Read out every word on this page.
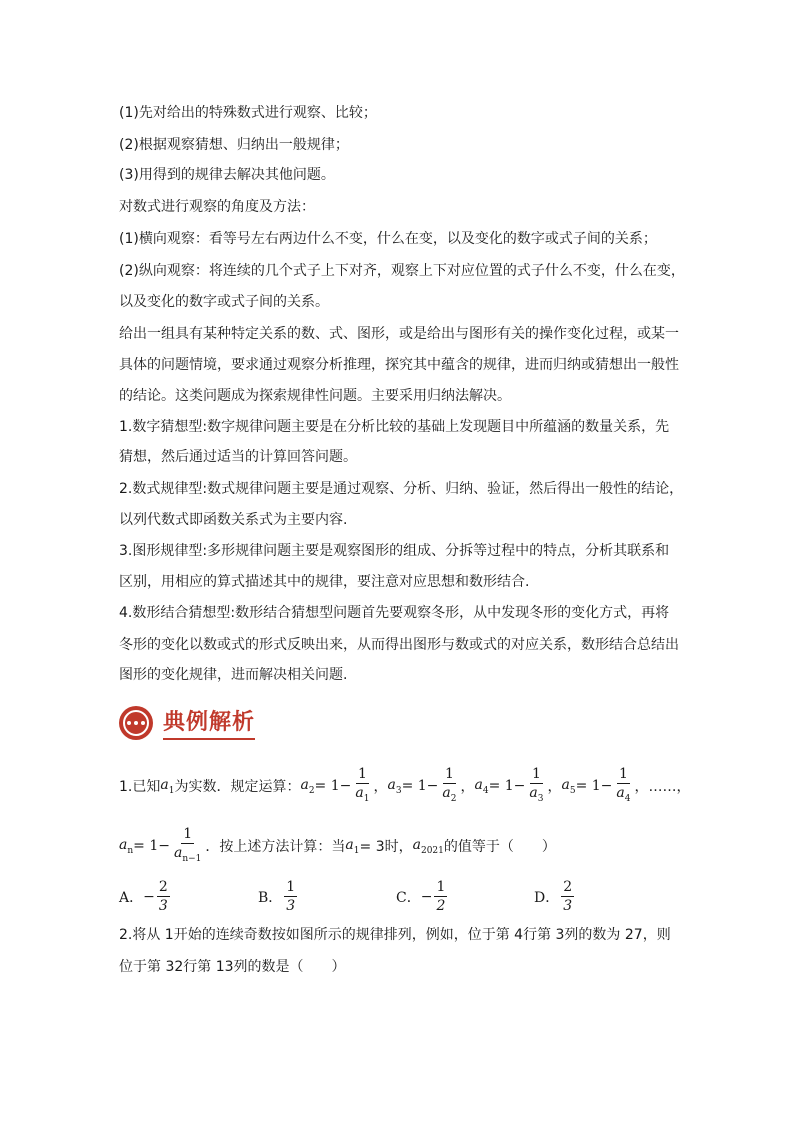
(1)先对给出的特殊数式进行观察、比较；
(2)根据观察猜想、归纳出一般规律；
(3)用得到的规律去解决其他问题。
对数式进行观察的角度及方法：
(1)横向观察：看等号左右两边什么不变，什么在变，以及变化的数字或式子间的关系；
(2)纵向观察：将连续的几个式子上下对齐，观察上下对应位置的式子什么不变，什么在变，
以及变化的数字或式子间的关系。
给出一组具有某种特定关系的数、式、图形，或是给出与图形有关的操作变化过程，或某一
具体的问题情境，要求通过观察分析推理，探究其中蕴含的规律，进而归纳或猜想出一般性
的结论。这类问题成为探索规律性问题。主要采用归纳法解决。
1.数字猜想型:数字规律问题主要是在分析比较的基础上发现题目中所蕴涵的数量关系，先
猜想，然后通过适当的计算回答问题。
2.数式规律型:数式规律问题主要是通过观察、分析、归纳、验证，然后得出一般性的结论，
以列代数式即函数关系式为主要内容.
3.图形规律型:多形规律问题主要是观察图形的组成、分拆等过程中的特点，分析其联系和
区别，用相应的算式描述其中的规律，要注意对应思想和数形结合.
4.数形结合猜想型:数形结合猜想型问题首先要观察冬形，从中发现冬形的变化方式，再将
冬形的变化以数或式的形式反映出来，从而得出图形与数或式的对应关系，数形结合总结出
图形的变化规律，进而解决相关问题.
典例解析
1.已知 $a_1$ 为实数．规定运算： $a_2 = 1- \frac{1}{a_1}$ ， $a_3 = 1- \frac{1}{a_2}$ ， $a_4 = 1- \frac{1}{a_3}$ ， $a_5 = 1- \frac{1}{a_4}$ ，……，
$a_n = 1- \frac{1}{a_{n-1}}$ ．按上述方法计算：当 $a_1 = 3$时， $a_{2021}$ 的值等于（　　）
A． − $\frac{2}{3}$	B． $\frac{1}{3}$	C． − $\frac{1}{2}$	D． $\frac{2}{3}$
2.将从 1开始的连续奇数按如图所示的规律排列，例如，位于第 4行第 3列的数为 27，则
位于第 32行第 13列的数是（　　）
